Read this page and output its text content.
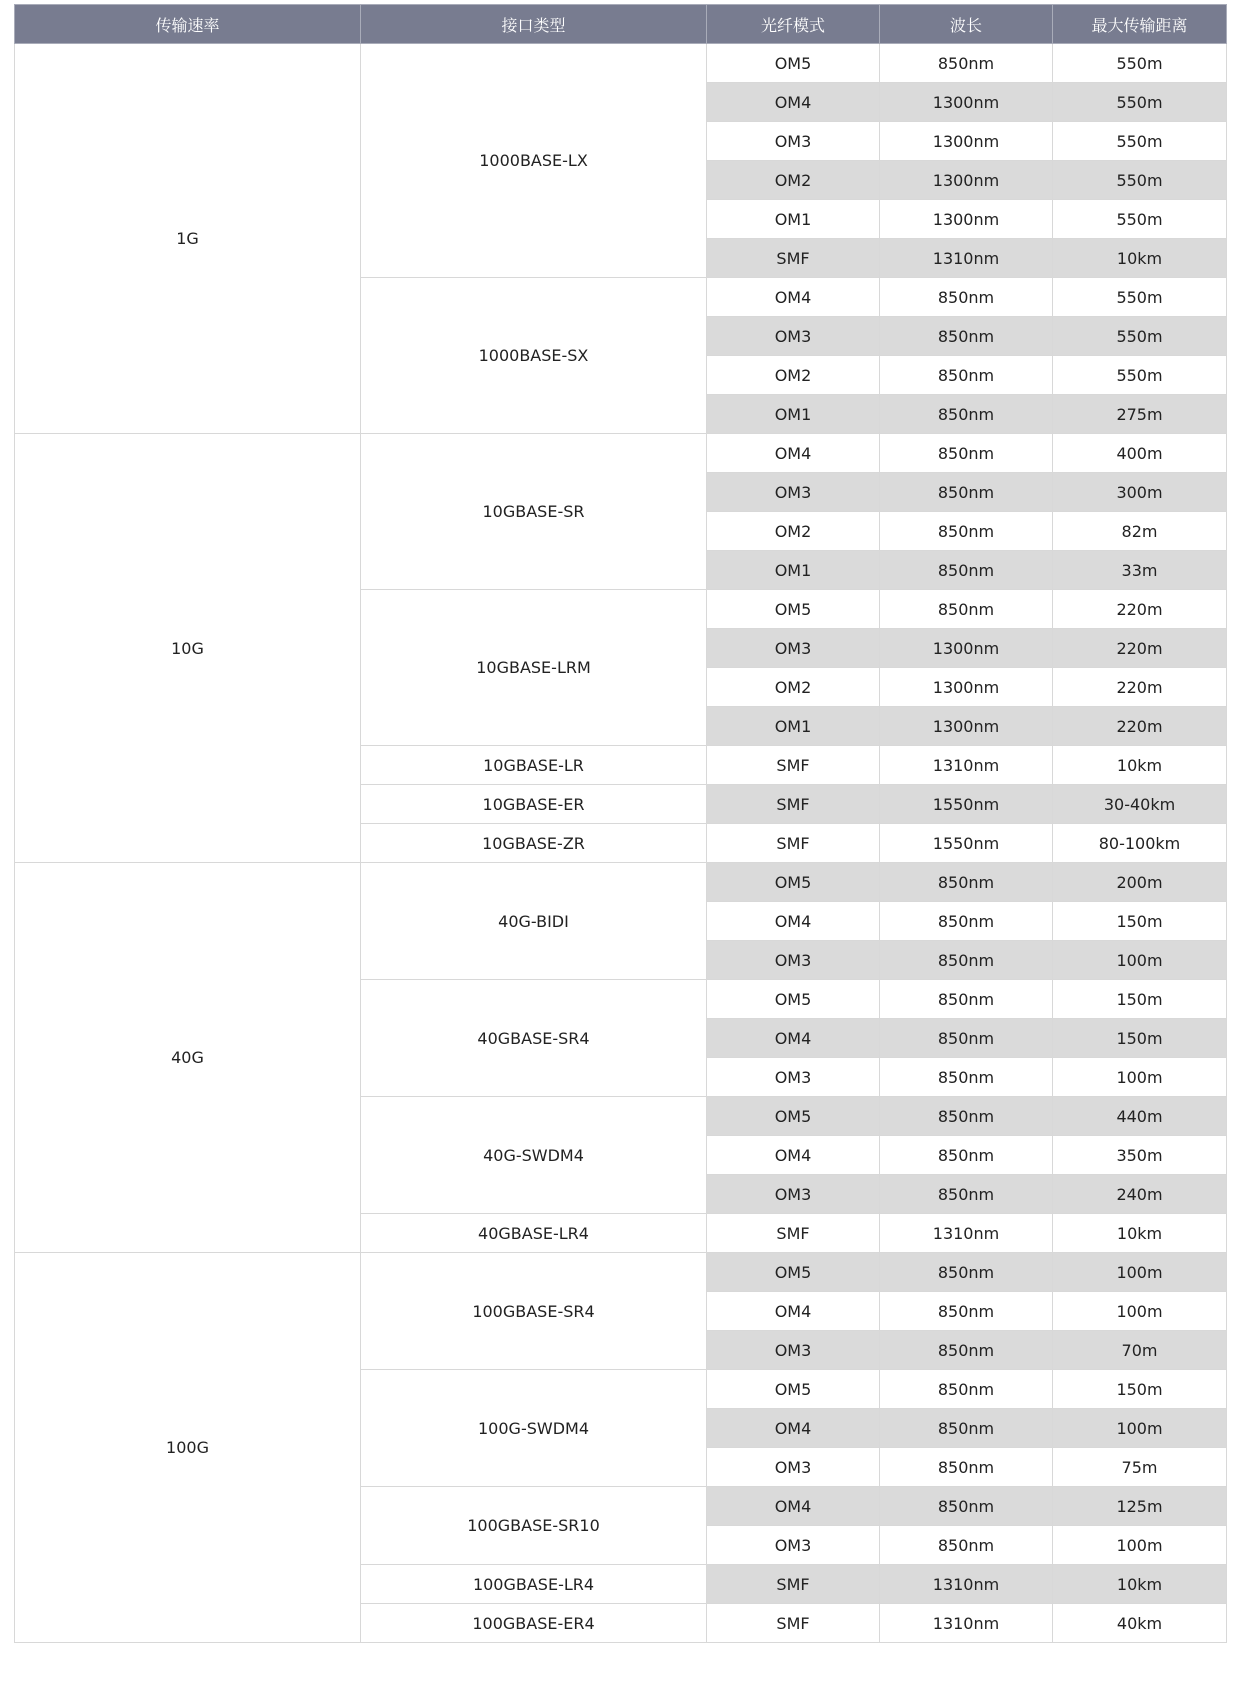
传输速率	接口类型	光纤模式	波长	最大传输距离
1G	1000BASE-LX	OM5	850nm	550m
		OM4	1300nm	550m
		OM3	1300nm	550m
		OM2	1300nm	550m
		OM1	1300nm	550m
		SMF	1310nm	10km
	1000BASE-SX	OM4	850nm	550m
		OM3	850nm	550m
		OM2	850nm	550m
		OM1	850nm	275m
10G	10GBASE-SR	OM4	850nm	400m
		OM3	850nm	300m
		OM2	850nm	82m
		OM1	850nm	33m
	10GBASE-LRM	OM5	850nm	220m
		OM3	1300nm	220m
		OM2	1300nm	220m
		OM1	1300nm	220m
	10GBASE-LR	SMF	1310nm	10km
	10GBASE-ER	SMF	1550nm	30-40km
	10GBASE-ZR	SMF	1550nm	80-100km
40G	40G-BIDI	OM5	850nm	200m
		OM4	850nm	150m
		OM3	850nm	100m
	40GBASE-SR4	OM5	850nm	150m
		OM4	850nm	150m
		OM3	850nm	100m
	40G-SWDM4	OM5	850nm	440m
		OM4	850nm	350m
		OM3	850nm	240m
	40GBASE-LR4	SMF	1310nm	10km
100G	100GBASE-SR4	OM5	850nm	100m
		OM4	850nm	100m
		OM3	850nm	70m
	100G-SWDM4	OM5	850nm	150m
		OM4	850nm	100m
		OM3	850nm	75m
	100GBASE-SR10	OM4	850nm	125m
		OM3	850nm	100m
	100GBASE-LR4	SMF	1310nm	10km
	100GBASE-ER4	SMF	1310nm	40km
